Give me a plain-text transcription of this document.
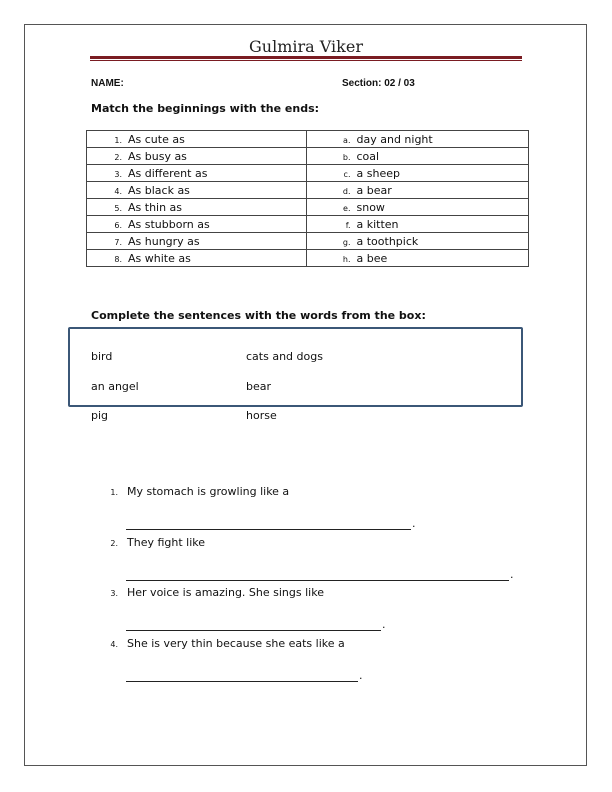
Gulmira Viker
NAME:	Section: 02 / 03
Match the beginnings with the ends:
1. As cute as	a. day and night
2. As busy as	b. coal
3. As different as	c. a sheep
4. As black as	d. a bear
5. As thin as	e. snow
6. As stubborn as	f. a kitten
7. As hungry as	g. a toothpick
8. As white as	h. a bee
Complete the sentences with the words from the box:
bird	cats and dogs
an angel	bear
pig	horse
1. My stomach is growling like a
.
2. They fight like
.
3. Her voice is amazing. She sings like
.
4. She is very thin because she eats like a
.
